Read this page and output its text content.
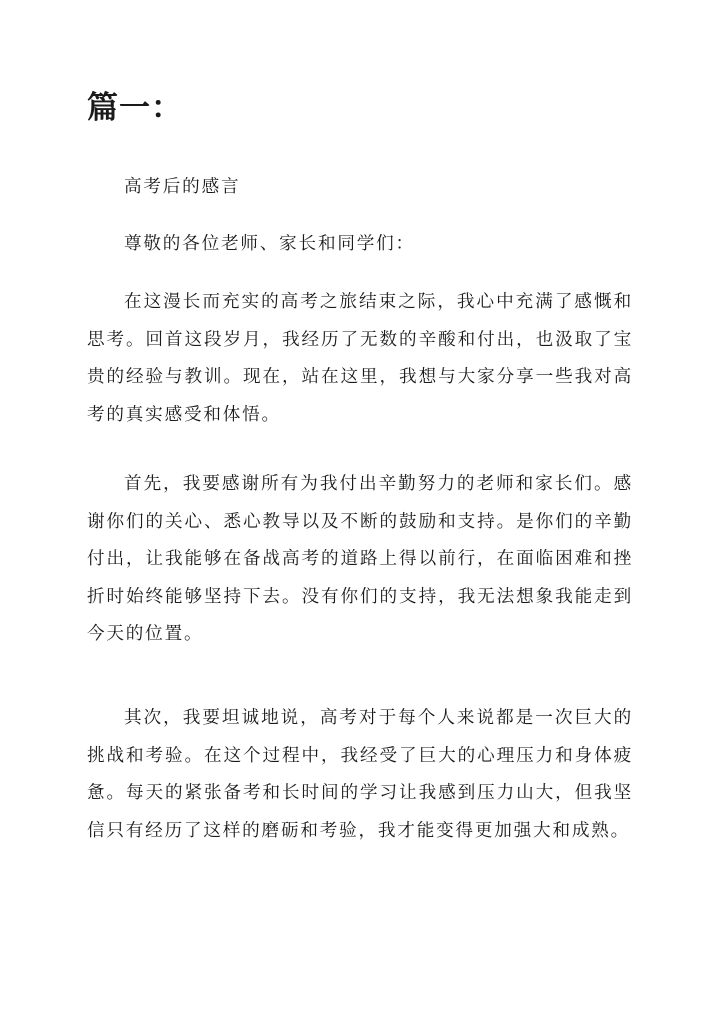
篇一：

高考后的感言

尊敬的各位老师、家长和同学们：

在这漫长而充实的高考之旅结束之际，我心中充满了感慨和思考。回首这段岁月，我经历了无数的辛酸和付出，也汲取了宝贵的经验与教训。现在，站在这里，我想与大家分享一些我对高考的真实感受和体悟。

首先，我要感谢所有为我付出辛勤努力的老师和家长们。感谢你们的关心、悉心教导以及不断的鼓励和支持。是你们的辛勤付出，让我能够在备战高考的道路上得以前行，在面临困难和挫折时始终能够坚持下去。没有你们的支持，我无法想象我能走到今天的位置。

其次，我要坦诚地说，高考对于每个人来说都是一次巨大的挑战和考验。在这个过程中，我经受了巨大的心理压力和身体疲惫。每天的紧张备考和长时间的学习让我感到压力山大，但我坚信只有经历了这样的磨砺和考验，我才能变得更加强大和成熟。
